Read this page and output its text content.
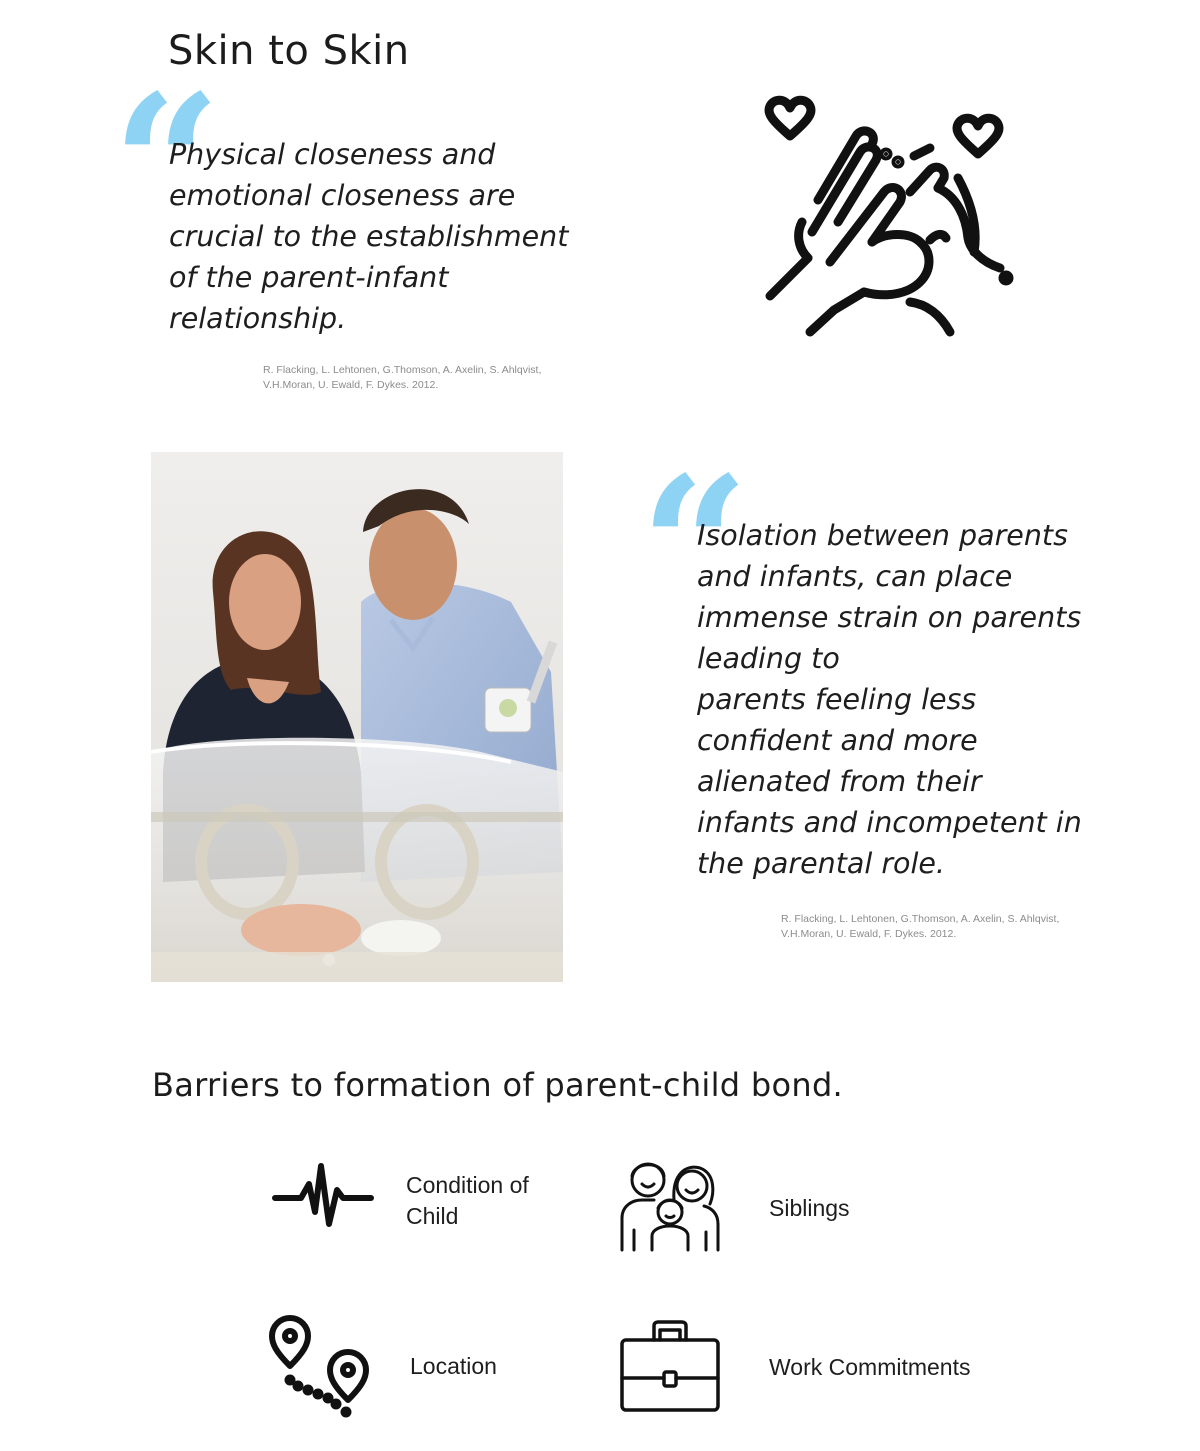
Skin to Skin
“
Physical closeness and
emotional closeness are
crucial to the establishment
of the parent-infant
relationship.
R. Flacking, L. Lehtonen, G.Thomson, A. Axelin, S. Ahlqvist,
V.H.Moran, U. Ewald, F. Dykes. 2012.
“
Isolation between parents
and infants, can place
immense strain on parents
leading to
parents feeling less
confident and more
alienated from their
infants and incompetent in
the parental role.
R. Flacking, L. Lehtonen, G.Thomson, A. Axelin, S. Ahlqvist,
V.H.Moran, U. Ewald, F. Dykes. 2012.
Barriers to formation of parent-child bond.
Condition of
Child	Siblings
Location	Work Commitments
